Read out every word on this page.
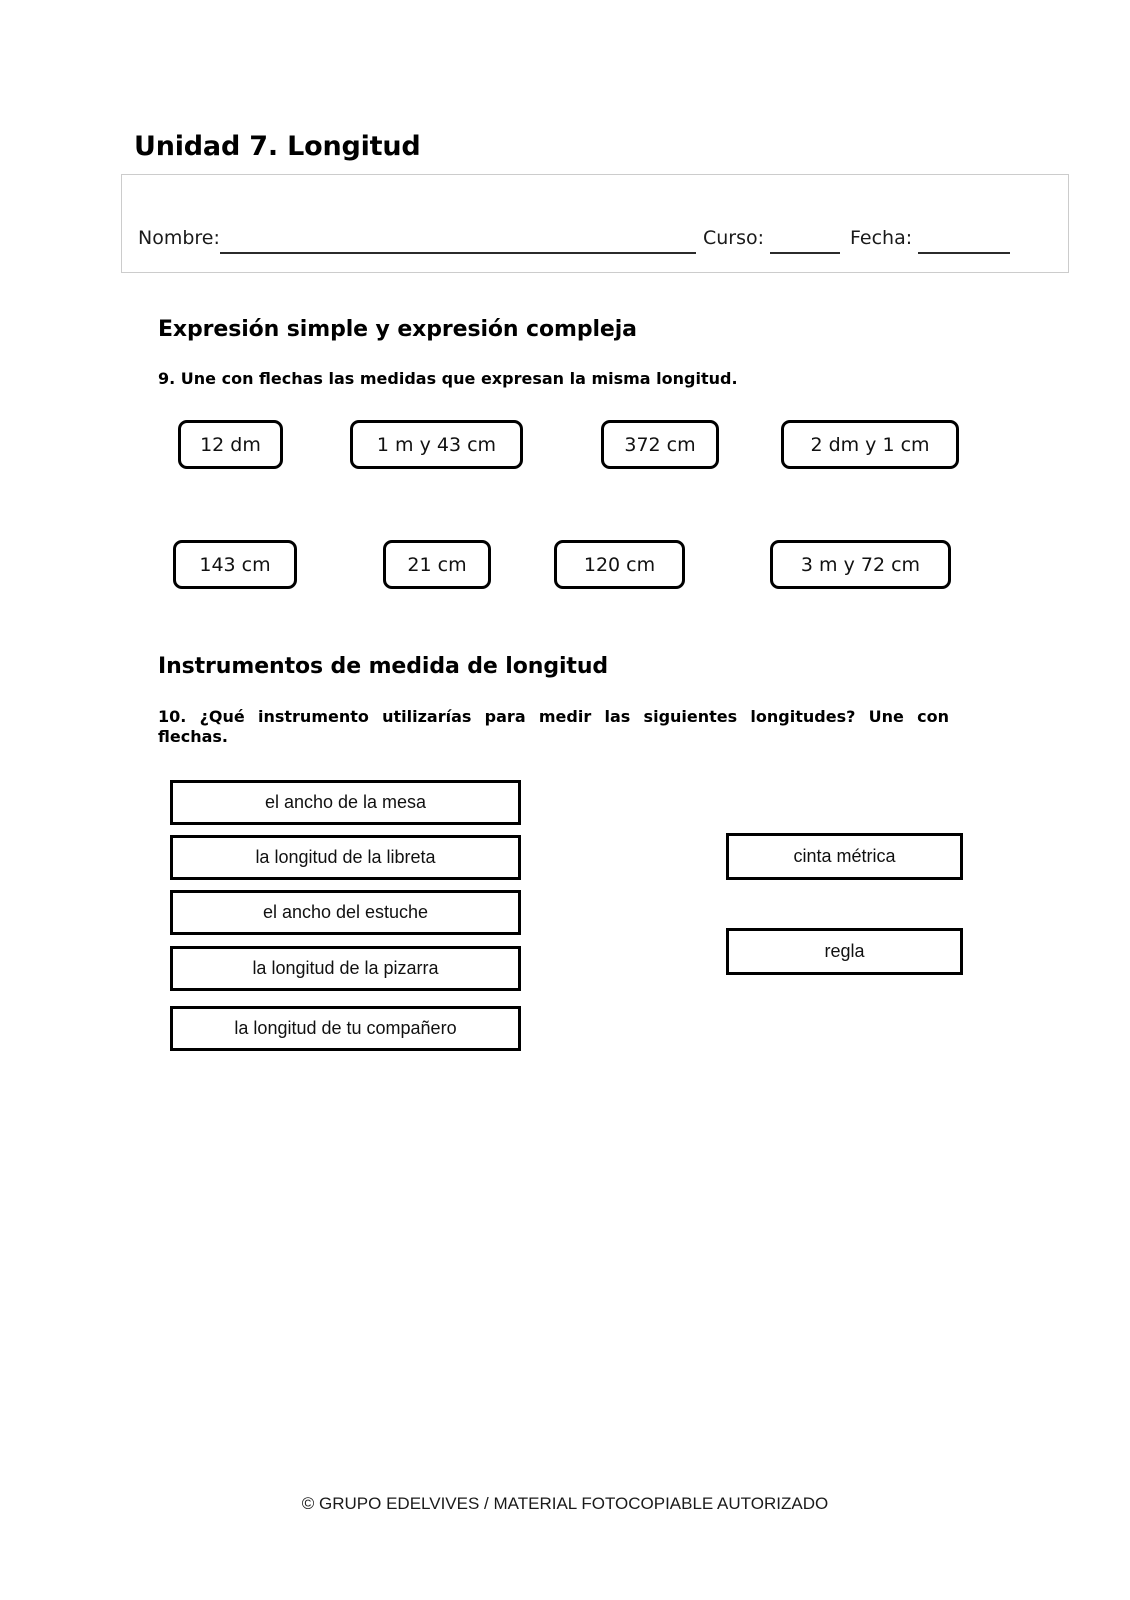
Unidad 7. Longitud
Nombre:	Curso:	Fecha:
Expresión simple y expresión compleja
9. Une con flechas las medidas que expresan la misma longitud.
12 dm	1 m y 43 cm	372 cm	2 dm y 1 cm
143 cm	21 cm	120 cm	3 m y 72 cm
Instrumentos de medida de longitud
10. ¿Qué instrumento utilizarías para medir las siguientes longitudes? Une con
flechas.
el ancho de la mesa
la longitud de la libreta
el ancho del estuche
la longitud de la pizarra
la longitud de tu compañero
cinta métrica
regla
© GRUPO EDELVIVES / MATERIAL FOTOCOPIABLE AUTORIZADO
